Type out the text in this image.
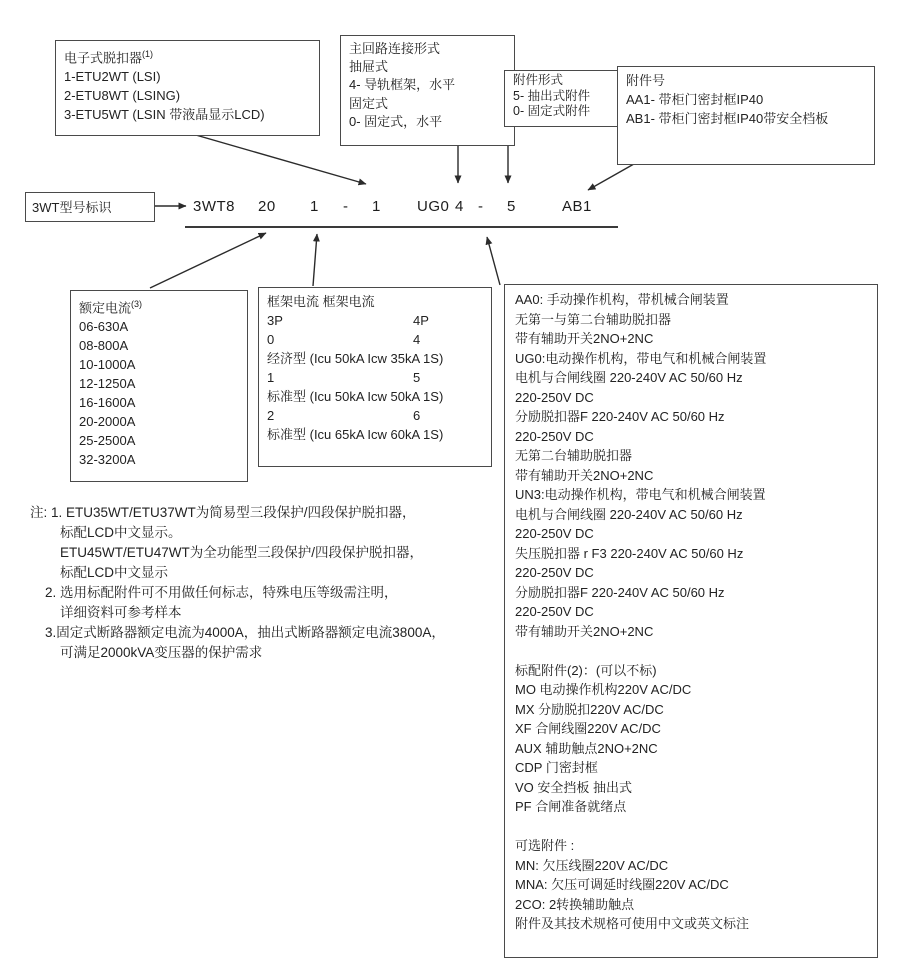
电子式脱扣器$^{(1)}$
1-ETU2WT (LSI)
2-ETU8WT (LSING)
3-ETU5WT (LSIN 带液晶显示LCD)
主回路连接形式
抽屉式
4- 导轨框架，水平
固定式
0- 固定式，水平
附件形式
5- 抽出式附件
0- 固定式附件
附件号
AA1- 带柜门密封框IP40
AB1- 带柜门密封框IP40带安全档板
3WT型号标识	3WT8 20 1 - 1 UG0 4 - 5	AB1
额定电流$^{(3)}$
06-630A
08-800A
10-1000A
12-1250A
16-1600A
20-2000A
25-2500A
32-3200A
框架电流 框架电流
3P	4P
0	4
经济型 (Icu 50kA Icw 35kA 1S)
1	5
标准型 (Icu 50kA Icw 50kA 1S)
2	6
标准型 (Icu 65kA Icw 60kA 1S)
AA0: 手动操作机构，带机械合闸装置
无第一与第二台辅助脱扣器
带有辅助开关2NO+2NC
UG0:电动操作机构，带电气和机械合闸装置
电机与合闸线圈 220-240V AC 50/60 Hz
220-250V DC
分励脱扣器F 220-240V AC 50/60 Hz
220-250V DC
无第二台辅助脱扣器
带有辅助开关2NO+2NC
UN3:电动操作机构，带电气和机械合闸装置
电机与合闸线圈 220-240V AC 50/60 Hz
220-250V DC
失压脱扣器 r F3 220-240V AC 50/60 Hz
220-250V DC
分励脱扣器F 220-240V AC 50/60 Hz
220-250V DC
带有辅助开关2NO+2NC

标配附件(2)：(可以不标)
MO 电动操作机构220V AC/DC
MX 分励脱扣220V AC/DC
XF 合闸线圈220V AC/DC
AUX 辅助触点2NO+2NC
CDP 门密封框
VO 安全挡板 抽出式
PF 合闸准备就绪点

可选附件 :
MN: 欠压线圈220V AC/DC
MNA: 欠压可调延时线圈220V AC/DC
2CO: 2转换辅助触点
附件及其技术规格可使用中文或英文标注
注: 1. ETU35WT/ETU37WT为简易型三段保护/四段保护脱扣器，
标配LCD中文显示。
ETU45WT/ETU47WT为全功能型三段保护/四段保护脱扣器，
标配LCD中文显示
2. 选用标配附件可不用做任何标志，特殊电压等级需注明，
详细资料可参考样本
3.固定式断路器额定电流为4000A，抽出式断路器额定电流3800A，
可满足2000kVA变压器的保护需求
